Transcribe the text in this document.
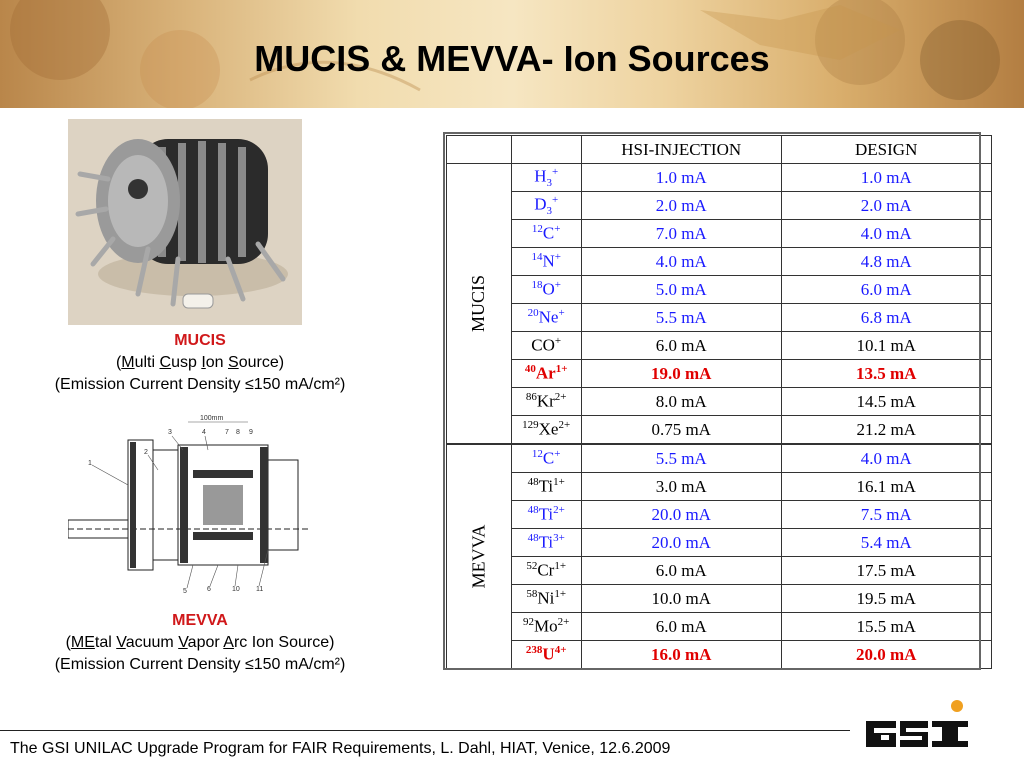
MUCIS & MEVVA- Ion Sources
MUCIS
(Multi Cusp Ion Source)
(Emission Current Density ≤150 mA/cm²)
100mm
1
2
3	4	7 8 9
5	6	10 11
MEVVA
(MEtal Vacuum Vapor Arc Ion Source)
(Emission Current Density ≤150 mA/cm²)
		HSI-INJECTION	DESIGN
MUCIS	$H_3^+$	1.0 mA	1.0 mA
	$D_3^+$	2.0 mA	2.0 mA
	$^{12}$C+	7.0 mA	4.0 mA
	$^{14}$N+	4.0 mA	4.8 mA
	$^{18}$O+	5.0 mA	6.0 mA
	$^{20}$Ne+	5.5 mA	6.8 mA
	CO+	6.0 mA	10.1 mA
	$^{40}Ar^{1+}$	19.0 mA	13.5 mA
	$^{86}Kr^{2+}$	8.0 mA	14.5 mA
	$^{129}Xe^{2+}$	0.75 mA	21.2 mA
MEVVA	$^{12}$C+	5.5 mA	4.0 mA
	$^{48}Ti^{1+}$	3.0 mA	16.1 mA
	$^{48}Ti^{2+}$	20.0 mA	7.5 mA
	$^{48}Ti^{3+}$	20.0 mA	5.4 mA
	$^{52}Cr^{1+}$	6.0 mA	17.5 mA
	$^{58}Ni^{1+}$	10.0 mA	19.5 mA
	$^{92}Mo^{2+}$	6.0 mA	15.5 mA
	$^{238}U^{4+}$	16.0 mA	20.0 mA
The GSI UNILAC Upgrade Program for FAIR Requirements, L. Dahl, HIAT, Venice, 12.6.2009
